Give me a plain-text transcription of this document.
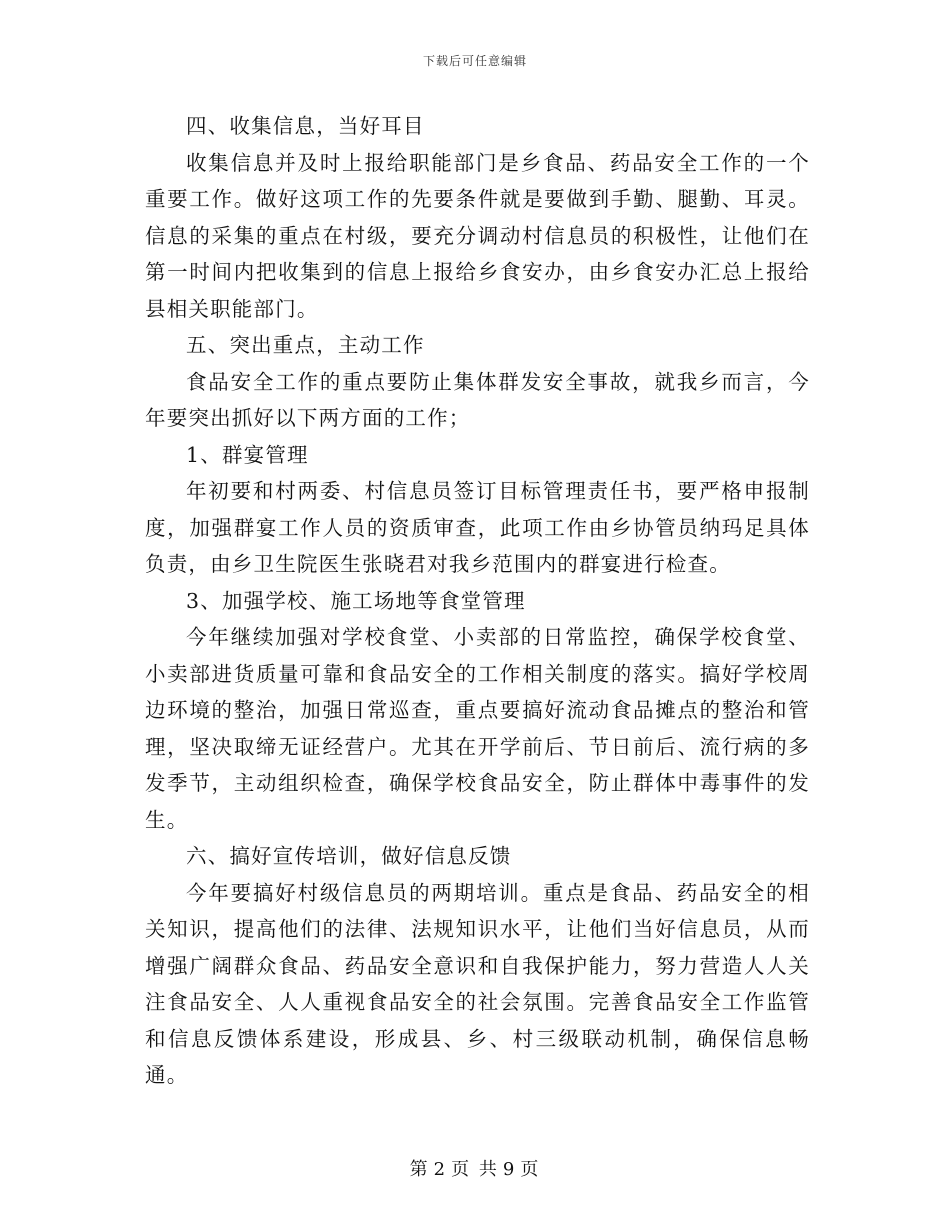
下载后可任意编辑

四、收集信息，当好耳目

收集信息并及时上报给职能部门是乡食品、药品安全工作的一个重要工作。做好这项工作的先要条件就是要做到手勤、腿勤、耳灵。信息的采集的重点在村级，要充分调动村信息员的积极性，让他们在第一时间内把收集到的信息上报给乡食安办，由乡食安办汇总上报给县相关职能部门。

五、突出重点，主动工作

食品安全工作的重点要防止集体群发安全事故，就我乡而言，今年要突出抓好以下两方面的工作；

1、群宴管理

年初要和村两委、村信息员签订目标管理责任书，要严格申报制度，加强群宴工作人员的资质审查，此项工作由乡协管员纳玛足具体负责，由乡卫生院医生张晓君对我乡范围内的群宴进行检查。

3、加强学校、施工场地等食堂管理

今年继续加强对学校食堂、小卖部的日常监控，确保学校食堂、小卖部进货质量可靠和食品安全的工作相关制度的落实。搞好学校周边环境的整治，加强日常巡查，重点要搞好流动食品摊点的整治和管理，坚决取缔无证经营户。尤其在开学前后、节日前后、流行病的多发季节，主动组织检查，确保学校食品安全，防止群体中毒事件的发生。

六、搞好宣传培训，做好信息反馈

今年要搞好村级信息员的两期培训。重点是食品、药品安全的相关知识，提高他们的法律、法规知识水平，让他们当好信息员，从而增强广阔群众食品、药品安全意识和自我保护能力，努力营造人人关注食品安全、人人重视食品安全的社会氛围。完善食品安全工作监管和信息反馈体系建设，形成县、乡、村三级联动机制，确保信息畅通。

第 2 页 共 9 页
